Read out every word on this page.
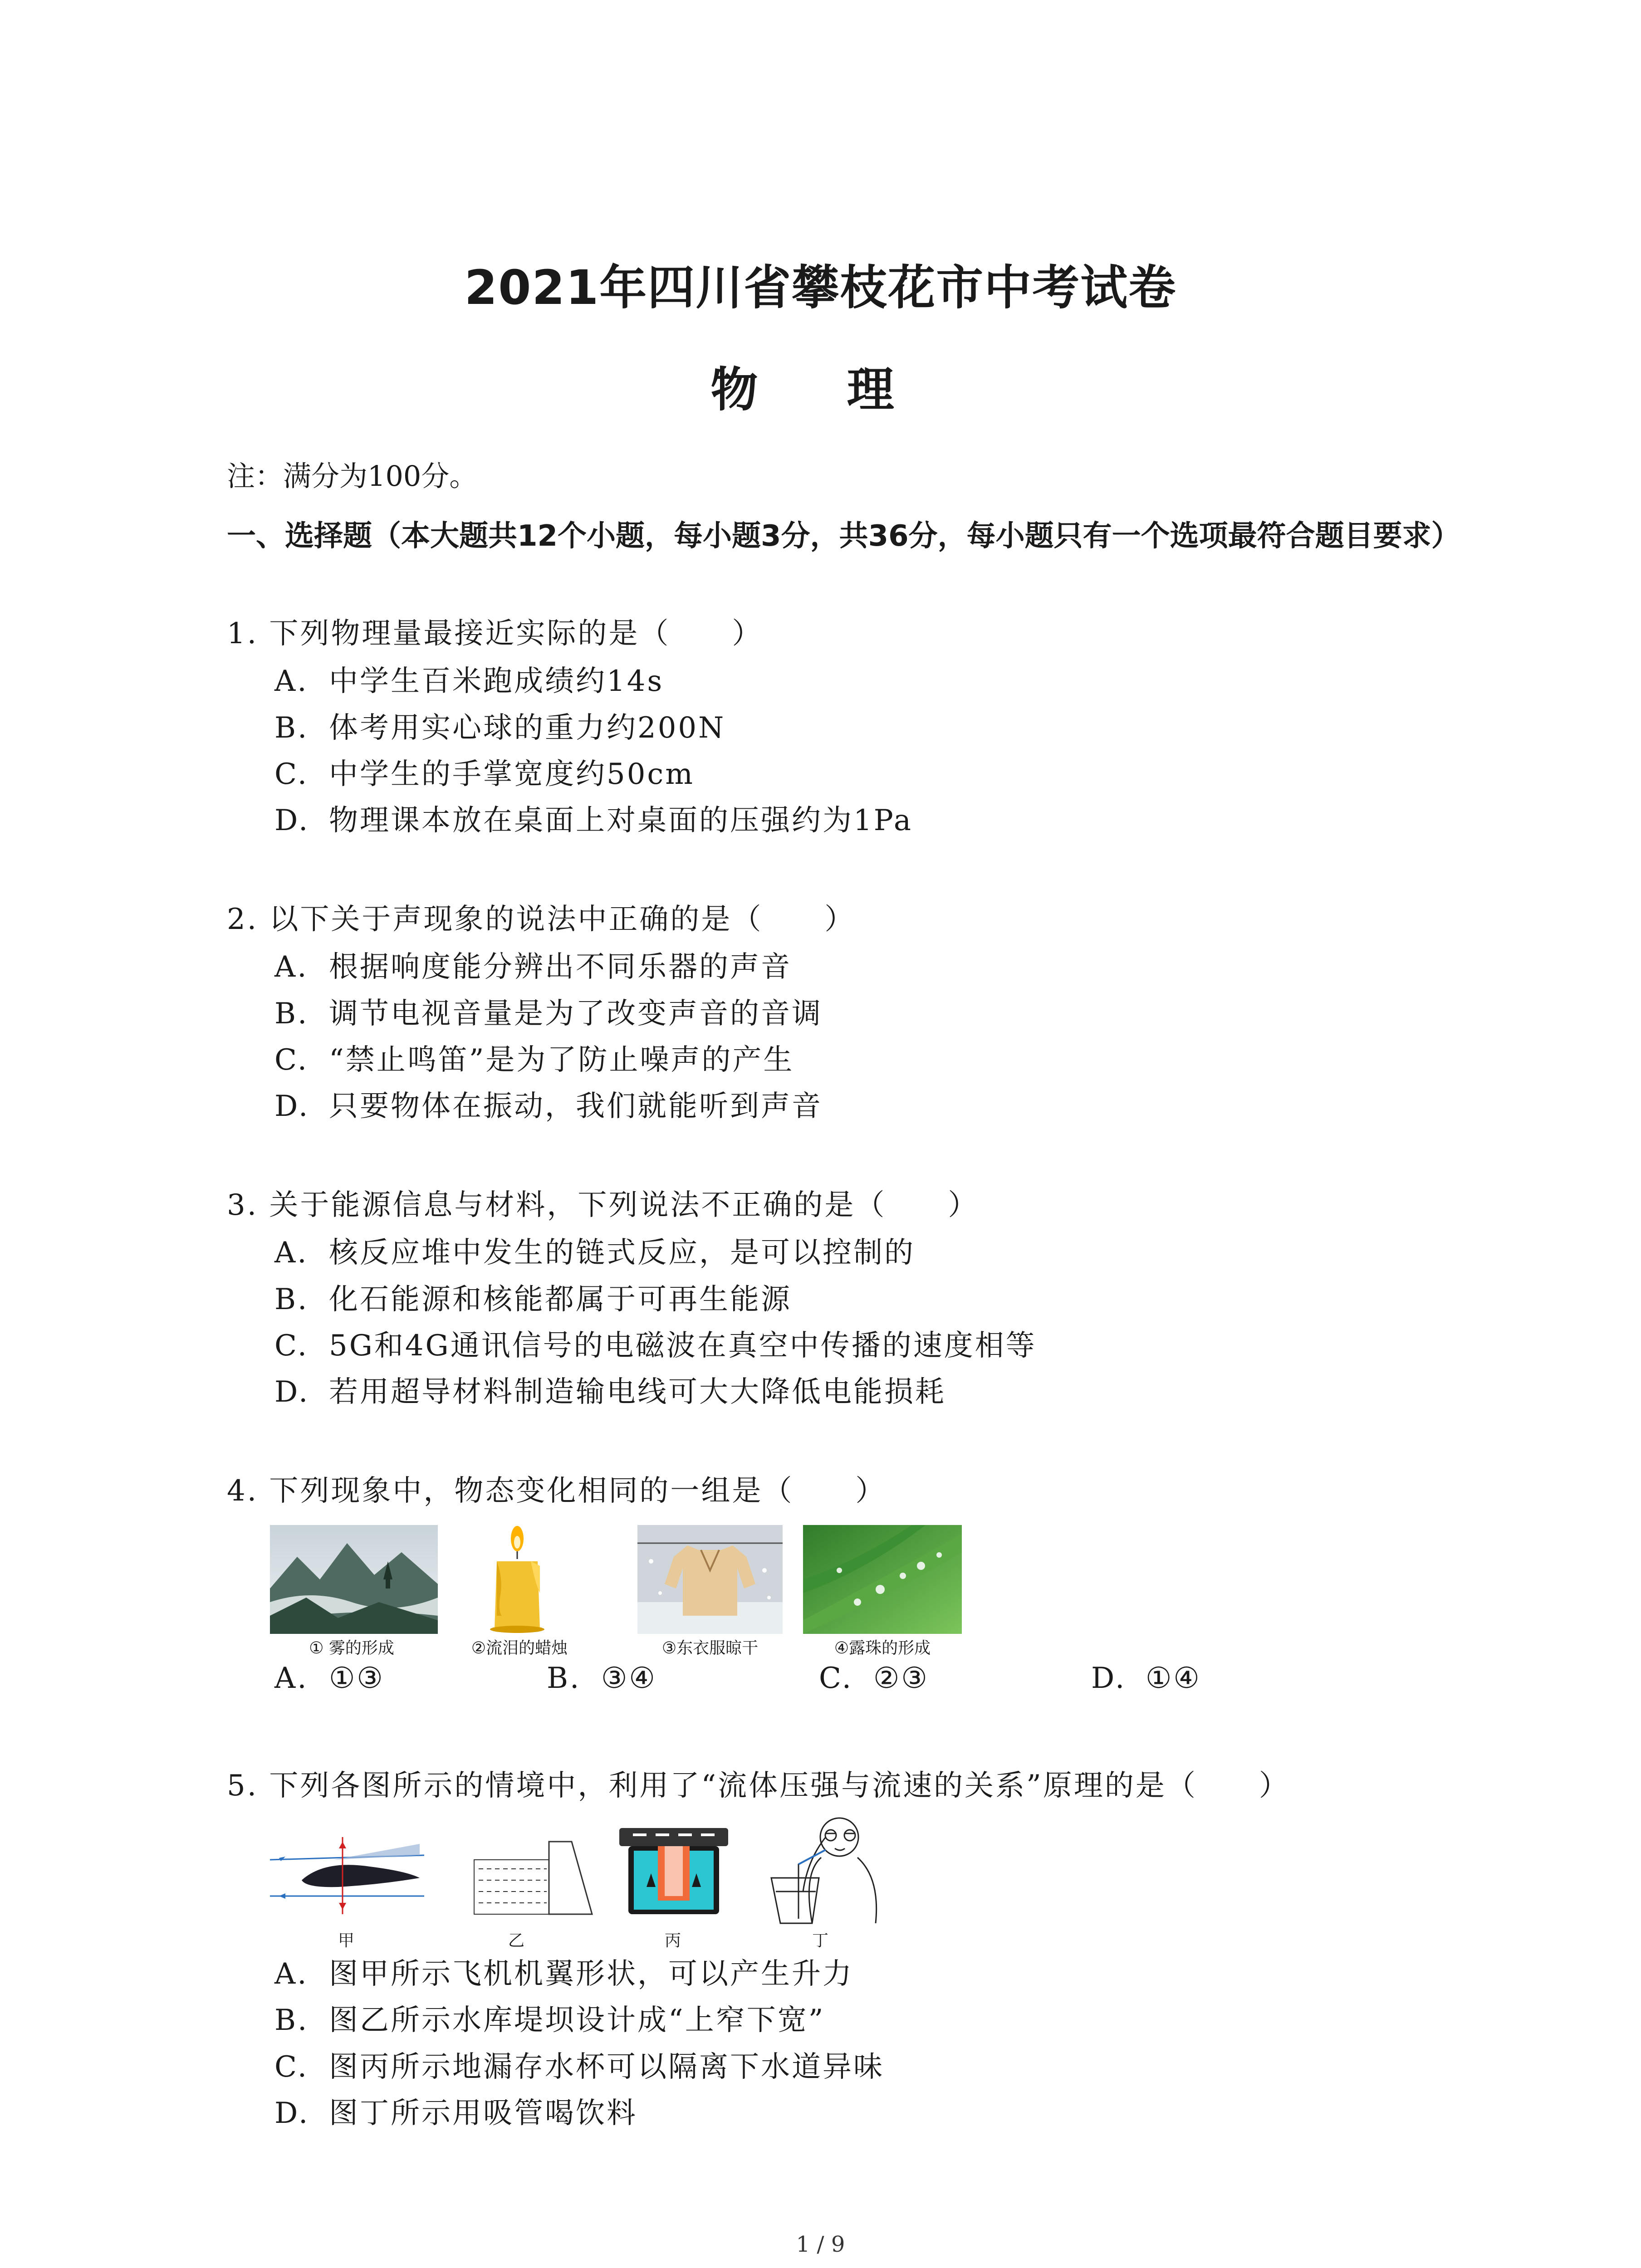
2021年四川省攀枝花市中考试卷
物 理
注：满分为100分。
一、选择题（本大题共12个小题，每小题3分，共36分，每小题只有一个选项最符合题目要求）
1. 下列物理量最接近实际的是（　　）
A. 中学生百米跑成绩约14s
B. 体考用实心球的重力约200N
C. 中学生的手掌宽度约50cm
D. 物理课本放在桌面上对桌面的压强约为1Pa
2. 以下关于声现象的说法中正确的是（　　）
A. 根据响度能分辨出不同乐器的声音
B. 调节电视音量是为了改变声音的音调
C. “禁止鸣笛”是为了防止噪声的产生
D. 只要物体在振动，我们就能听到声音
3. 关于能源信息与材料，下列说法不正确的是（　　）
A. 核反应堆中发生的链式反应，是可以控制的
B. 化石能源和核能都属于可再生能源
C. 5G和4G通讯信号的电磁波在真空中传播的速度相等
D. 若用超导材料制造输电线可大大降低电能损耗
4. 下列现象中，物态变化相同的一组是（　　）
① 雾的形成	②流泪的蜡烛	③东衣服晾干	④露珠的形成
A. ①③	B. ③④	C. ②③	D. ①④
5. 下列各图所示的情境中，利用了“流体压强与流速的关系”原理的是（　　）
甲	乙	丙	丁
A. 图甲所示飞机机翼形状，可以产生升力
B. 图乙所示水库堤坝设计成“上窄下宽”
C. 图丙所示地漏存水杯可以隔离下水道异味
D. 图丁所示用吸管喝饮料
1 / 9
